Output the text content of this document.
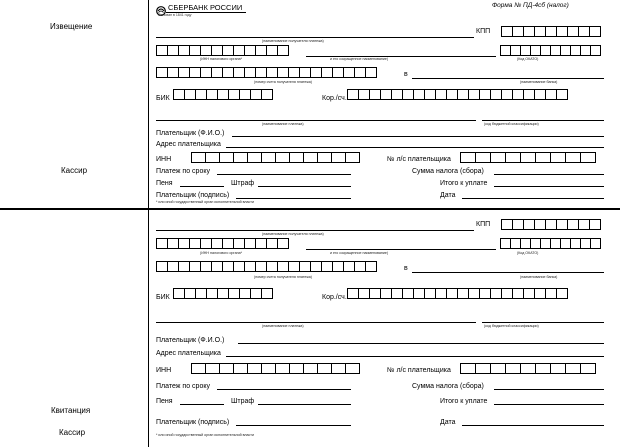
Извещение
Кассир
Квитанция
Кассир
СБЕРБАНК РОССИИ
Основан в 1841 году
Форма № ПД-4сб (налог)
КПП
(наименование получателя платежа)
(ИНН налогового органа*	и его сокращенное наименование)	(Код ОКАТО)
в
(номер счета получателя платежа)	(наименование банка)
БИК	Кор./сч.
(наименование платежа)	(код бюджетной классификации)
Плательщик (Ф.И.О.)
Адрес плательщика
ИНН	№ л/с плательщика
Платеж по сроку	Сумма налога (сбора)
Пеня	Штраф	Итого к уплате
Плательщик (подпись)	Дата
* или иной государственный орган исполнительной власти
КПП
(наименование получателя платежа)
(ИНН налогового органа*	и его сокращенное наименование)	(Код ОКАТО)
в
(номер счета получателя платежа)	(наименование банка)
БИК	Кор./сч.
(наименование платежа)	(код бюджетной классификации)
Плательщик (Ф.И.О.)
Адрес плательщика
ИНН	№ л/с плательщика
Платеж по сроку	Сумма налога (сбора)
Пеня	Штраф	Итого к уплате
Плательщик (подпись)	Дата
* или иной государственный орган исполнительной власти
